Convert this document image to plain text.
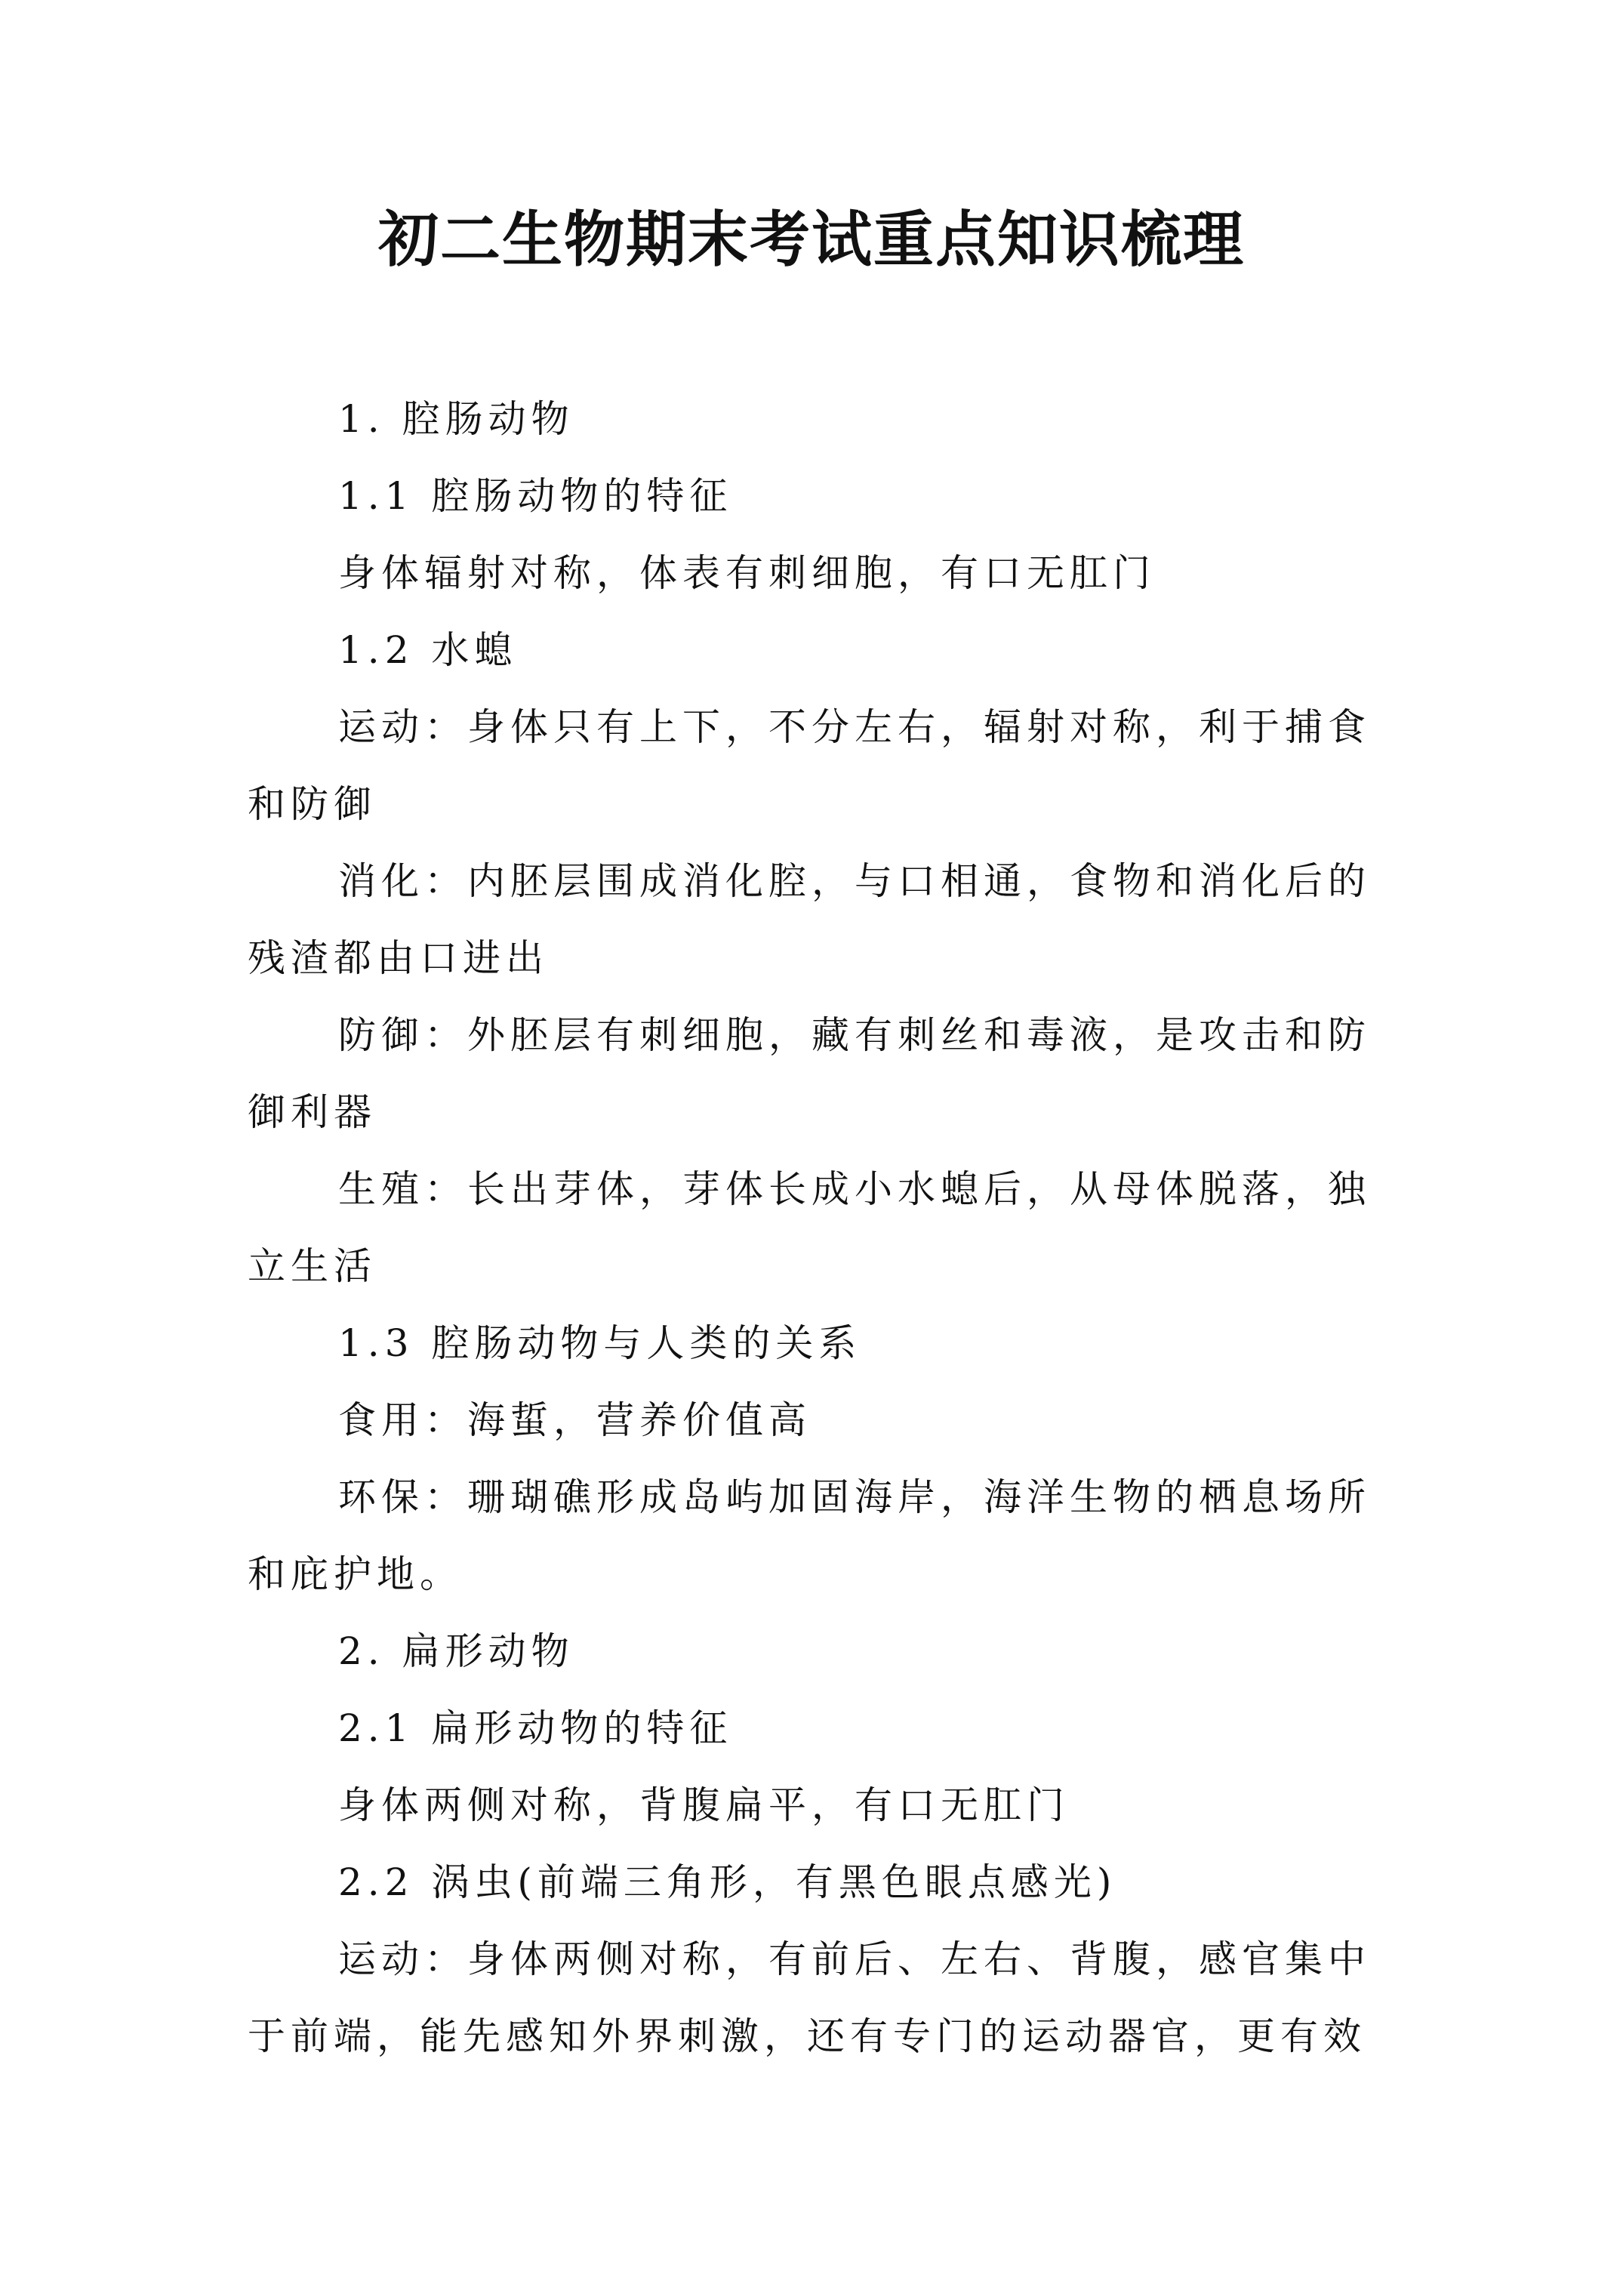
初二生物期末考试重点知识梳理

1. 腔肠动物

1.1 腔肠动物的特征

身体辐射对称，体表有刺细胞，有口无肛门

1.2 水螅

运动：身体只有上下，不分左右，辐射对称，利于捕食和防御

消化：内胚层围成消化腔，与口相通，食物和消化后的残渣都由口进出

防御：外胚层有刺细胞，藏有刺丝和毒液，是攻击和防御利器

生殖：长出芽体，芽体长成小水螅后，从母体脱落，独立生活

1.3 腔肠动物与人类的关系

食用：海蜇，营养价值高

环保：珊瑚礁形成岛屿加固海岸，海洋生物的栖息场所和庇护地。

2. 扁形动物

2.1 扁形动物的特征

身体两侧对称，背腹扁平，有口无肛门

2.2 涡虫(前端三角形，有黑色眼点感光)

运动：身体两侧对称，有前后、左右、背腹，感官集中于前端，能先感知外界刺激，还有专门的运动器官，更有效
